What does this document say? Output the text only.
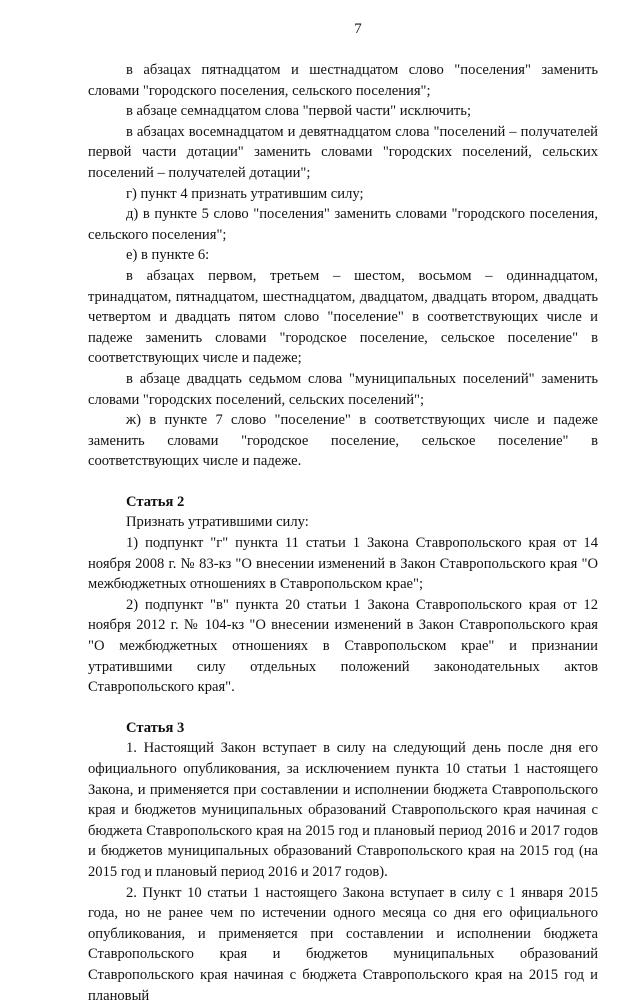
7

в абзацах пятнадцатом и шестнадцатом слово "поселения" заменить словами "городского поселения, сельского поселения";

в абзаце семнадцатом слова "первой части" исключить;

в абзацах восемнадцатом и девятнадцатом слова "поселений – получателей первой части дотации" заменить словами "городских поселений, сельских поселений – получателей дотации";

г) пункт 4 признать утратившим силу;

д) в пункте 5 слово "поселения" заменить словами "городского поселения, сельского поселения";

е) в пункте 6:

в абзацах первом, третьем – шестом, восьмом – одиннадцатом, тринадцатом, пятнадцатом, шестнадцатом, двадцатом, двадцать втором, двадцать четвертом и двадцать пятом слово "поселение" в соответствующих числе и падеже заменить словами "городское поселение, сельское поселение" в соответствующих числе и падеже;

в абзаце двадцать седьмом слова "муниципальных поселений" заменить словами "городских поселений, сельских поселений";

ж) в пункте 7 слово "поселение" в соответствующих числе и падеже заменить словами "городское поселение, сельское поселение" в соответствующих числе и падеже.

Статья 2

Признать утратившими силу:

1) подпункт "г" пункта 11 статьи 1 Закона Ставропольского края от 14 ноября 2008 г. № 83-кз "О внесении изменений в Закон Ставропольского края "О межбюджетных отношениях в Ставропольском крае";

2) подпункт "в" пункта 20 статьи 1 Закона Ставропольского края от 12 ноября 2012 г. № 104-кз "О внесении изменений в Закон Ставропольского края "О межбюджетных отношениях в Ставропольском крае" и признании утратившими силу отдельных положений законодательных актов Ставропольского края".

Статья 3

1. Настоящий Закон вступает в силу на следующий день после дня его официального опубликования, за исключением пункта 10 статьи 1 настоящего Закона, и применяется при составлении и исполнении бюджета Ставропольского края и бюджетов муниципальных образований Ставропольского края начиная с бюджета Ставропольского края на 2015 год и плановый период 2016 и 2017 годов и бюджетов муниципальных образований Ставропольского края на 2015 год (на 2015 год и плановый период 2016 и 2017 годов).

2. Пункт 10 статьи 1 настоящего Закона вступает в силу с 1 января 2015 года, но не ранее чем по истечении одного месяца со дня его официального опубликования, и применяется при составлении и исполнении бюджета Ставропольского края и бюджетов муниципальных образований Ставропольского края начиная с бюджета Ставропольского края на 2015 год и плановый
